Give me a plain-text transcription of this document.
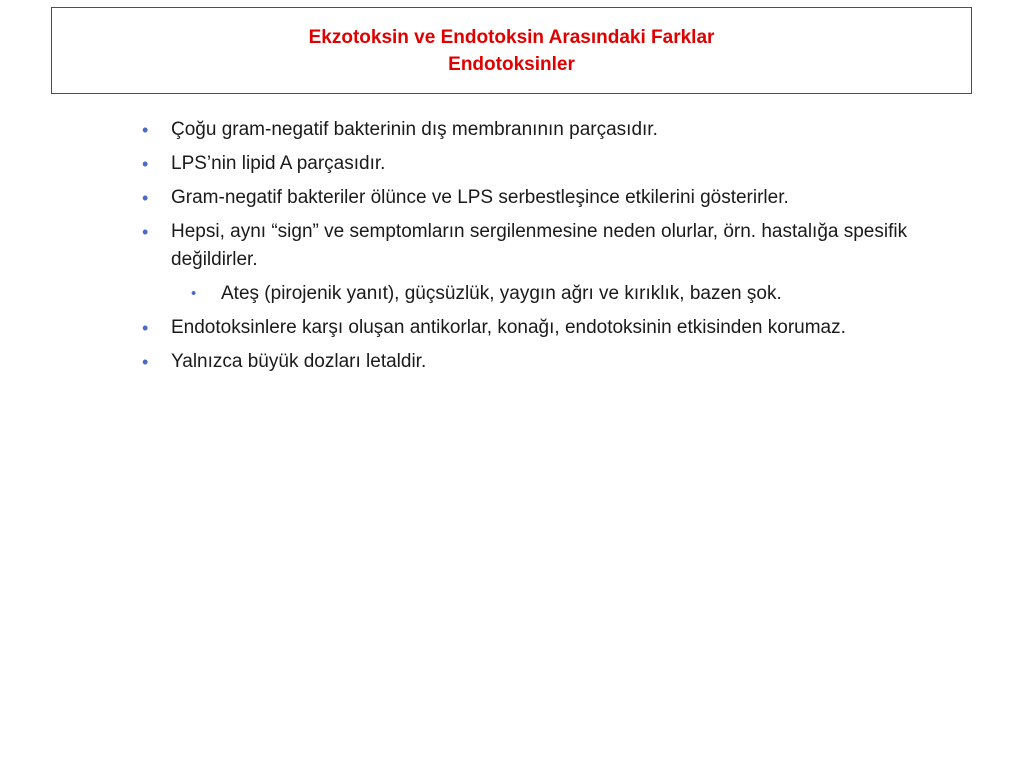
Ekzotoksin ve Endotoksin Arasındaki Farklar
Endotoksinler
• Çoğu gram-negatif bakterinin dış membranının parçasıdır.
• LPS’nin lipid A parçasıdır.
• Gram-negatif bakteriler ölünce ve LPS serbestleşince etkilerini gösterirler.
• Hepsi, aynı “sign” ve semptomların sergilenmesine neden olurlar, örn. hastalığa spesifik değildirler.
• Ateş (pirojenik yanıt), güçsüzlük, yaygın ağrı ve kırıklık, bazen şok.
• Endotoksinlere karşı oluşan antikorlar, konağı, endotoksinin etkisinden korumaz.
• Yalnızca büyük dozları letaldir.
